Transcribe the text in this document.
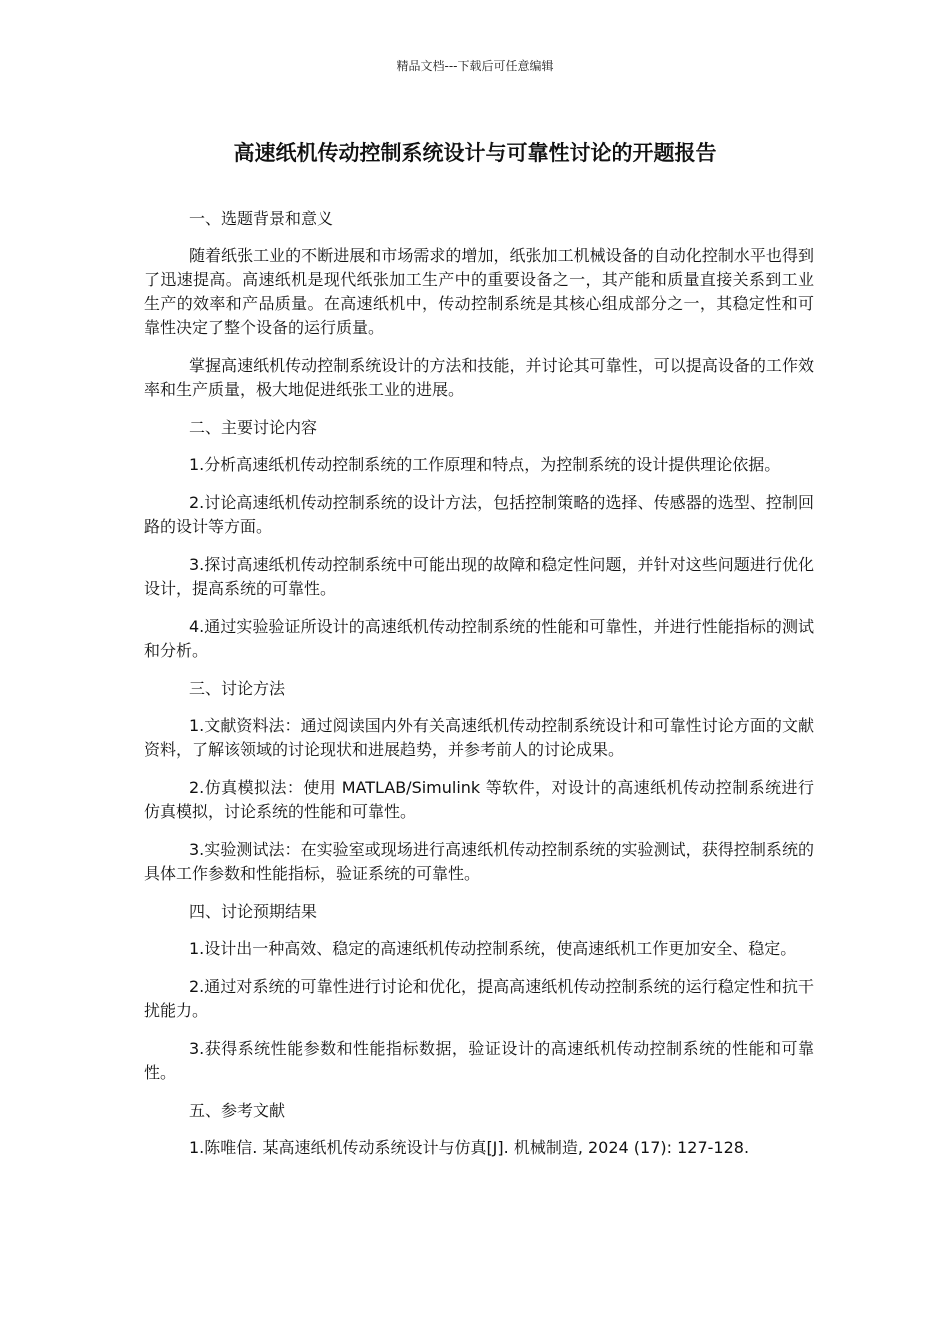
精品文档---下载后可任意编辑
高速纸机传动控制系统设计与可靠性讨论的开题报告

一、选题背景和意义

随着纸张工业的不断进展和市场需求的增加，纸张加工机械设备的自动化控制水平也得到了迅速提高。高速纸机是现代纸张加工生产中的重要设备之一，其产能和质量直接关系到工业生产的效率和产品质量。在高速纸机中，传动控制系统是其核心组成部分之一，其稳定性和可靠性决定了整个设备的运行质量。

掌握高速纸机传动控制系统设计的方法和技能，并讨论其可靠性，可以提高设备的工作效率和生产质量，极大地促进纸张工业的进展。

二、主要讨论内容

1.分析高速纸机传动控制系统的工作原理和特点，为控制系统的设计提供理论依据。

2.讨论高速纸机传动控制系统的设计方法，包括控制策略的选择、传感器的选型、控制回路的设计等方面。

3.探讨高速纸机传动控制系统中可能出现的故障和稳定性问题，并针对这些问题进行优化设计，提高系统的可靠性。

4.通过实验验证所设计的高速纸机传动控制系统的性能和可靠性，并进行性能指标的测试和分析。

三、讨论方法

1.文献资料法：通过阅读国内外有关高速纸机传动控制系统设计和可靠性讨论方面的文献资料，了解该领域的讨论现状和进展趋势，并参考前人的讨论成果。

2.仿真模拟法：使用 MATLAB/Simulink 等软件，对设计的高速纸机传动控制系统进行仿真模拟，讨论系统的性能和可靠性。

3.实验测试法：在实验室或现场进行高速纸机传动控制系统的实验测试，获得控制系统的具体工作参数和性能指标，验证系统的可靠性。

四、讨论预期结果

1.设计出一种高效、稳定的高速纸机传动控制系统，使高速纸机工作更加安全、稳定。

2.通过对系统的可靠性进行讨论和优化，提高高速纸机传动控制系统的运行稳定性和抗干扰能力。

3.获得系统性能参数和性能指标数据，验证设计的高速纸机传动控制系统的性能和可靠性。

五、参考文献

1.陈唯信. 某高速纸机传动系统设计与仿真[J]. 机械制造, 2024 (17): 127-128.
